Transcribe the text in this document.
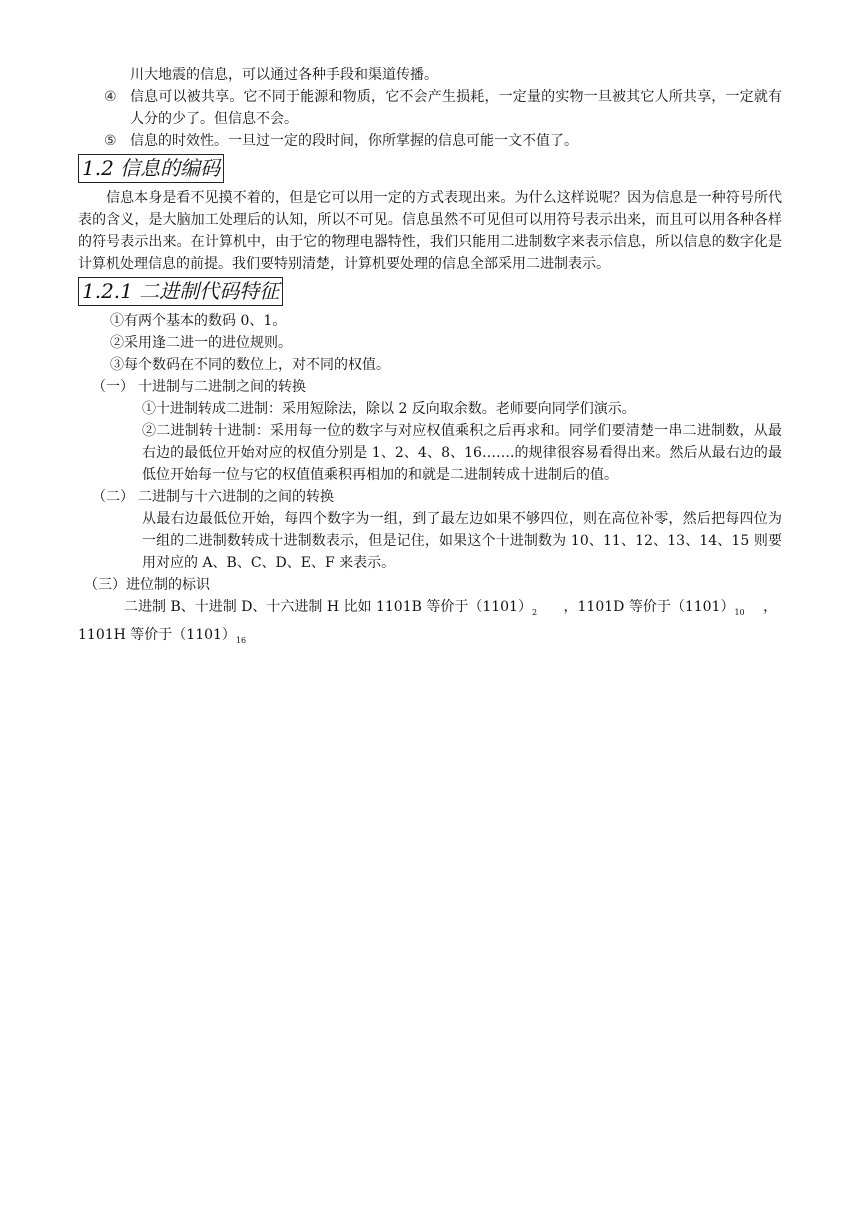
川大地震的信息，可以通过各种手段和渠道传播。
④ 信息可以被共享。它不同于能源和物质，它不会产生损耗，一定量的实物一旦被其它人所共享，一定就有人分的少了。但信息不会。
⑤ 信息的时效性。一旦过一定的段时间，你所掌握的信息可能一文不值了。
1.2 信息的编码
信息本身是看不见摸不着的，但是它可以用一定的方式表现出来。为什么这样说呢？因为信息是一种符号所代表的含义，是大脑加工处理后的认知，所以不可见。信息虽然不可见但可以用符号表示出来，而且可以用各种各样的符号表示出来。在计算机中，由于它的物理电器特性，我们只能用二进制数字来表示信息，所以信息的数字化是计算机处理信息的前提。我们要特别清楚，计算机要处理的信息全部采用二进制表示。
1.2.1 二进制代码特征
①有两个基本的数码 0、1。
②采用逢二进一的进位规则。
③每个数码在不同的数位上，对不同的权值。
（一） 十进制与二进制之间的转换
①十进制转成二进制：采用短除法，除以 2 反向取余数。老师要向同学们演示。
②二进制转十进制：采用每一位的数字与对应权值乘积之后再求和。同学们要清楚一串二进制数，从最右边的最低位开始对应的权值分别是 1、2、4、8、16…….的规律很容易看得出来。然后从最右边的最低位开始每一位与它的权值值乘积再相加的和就是二进制转成十进制后的值。
（二） 二进制与十六进制的之间的转换
从最右边最低位开始，每四个数字为一组，到了最左边如果不够四位，则在高位补零，然后把每四位为一组的二进制数转成十进制数表示，但是记住，如果这个十进制数为 10、11、12、13、14、15 则要用对应的 A、B、C、D、E、F 来表示。
（三）进位制的标识
二进制 B、十进制 D、十六进制 H 比如 1101B 等价于$(1101)_2$ ，1101D 等价于$(1101)_{10}$ ，
1101H 等价于$(1101)_{16}$
